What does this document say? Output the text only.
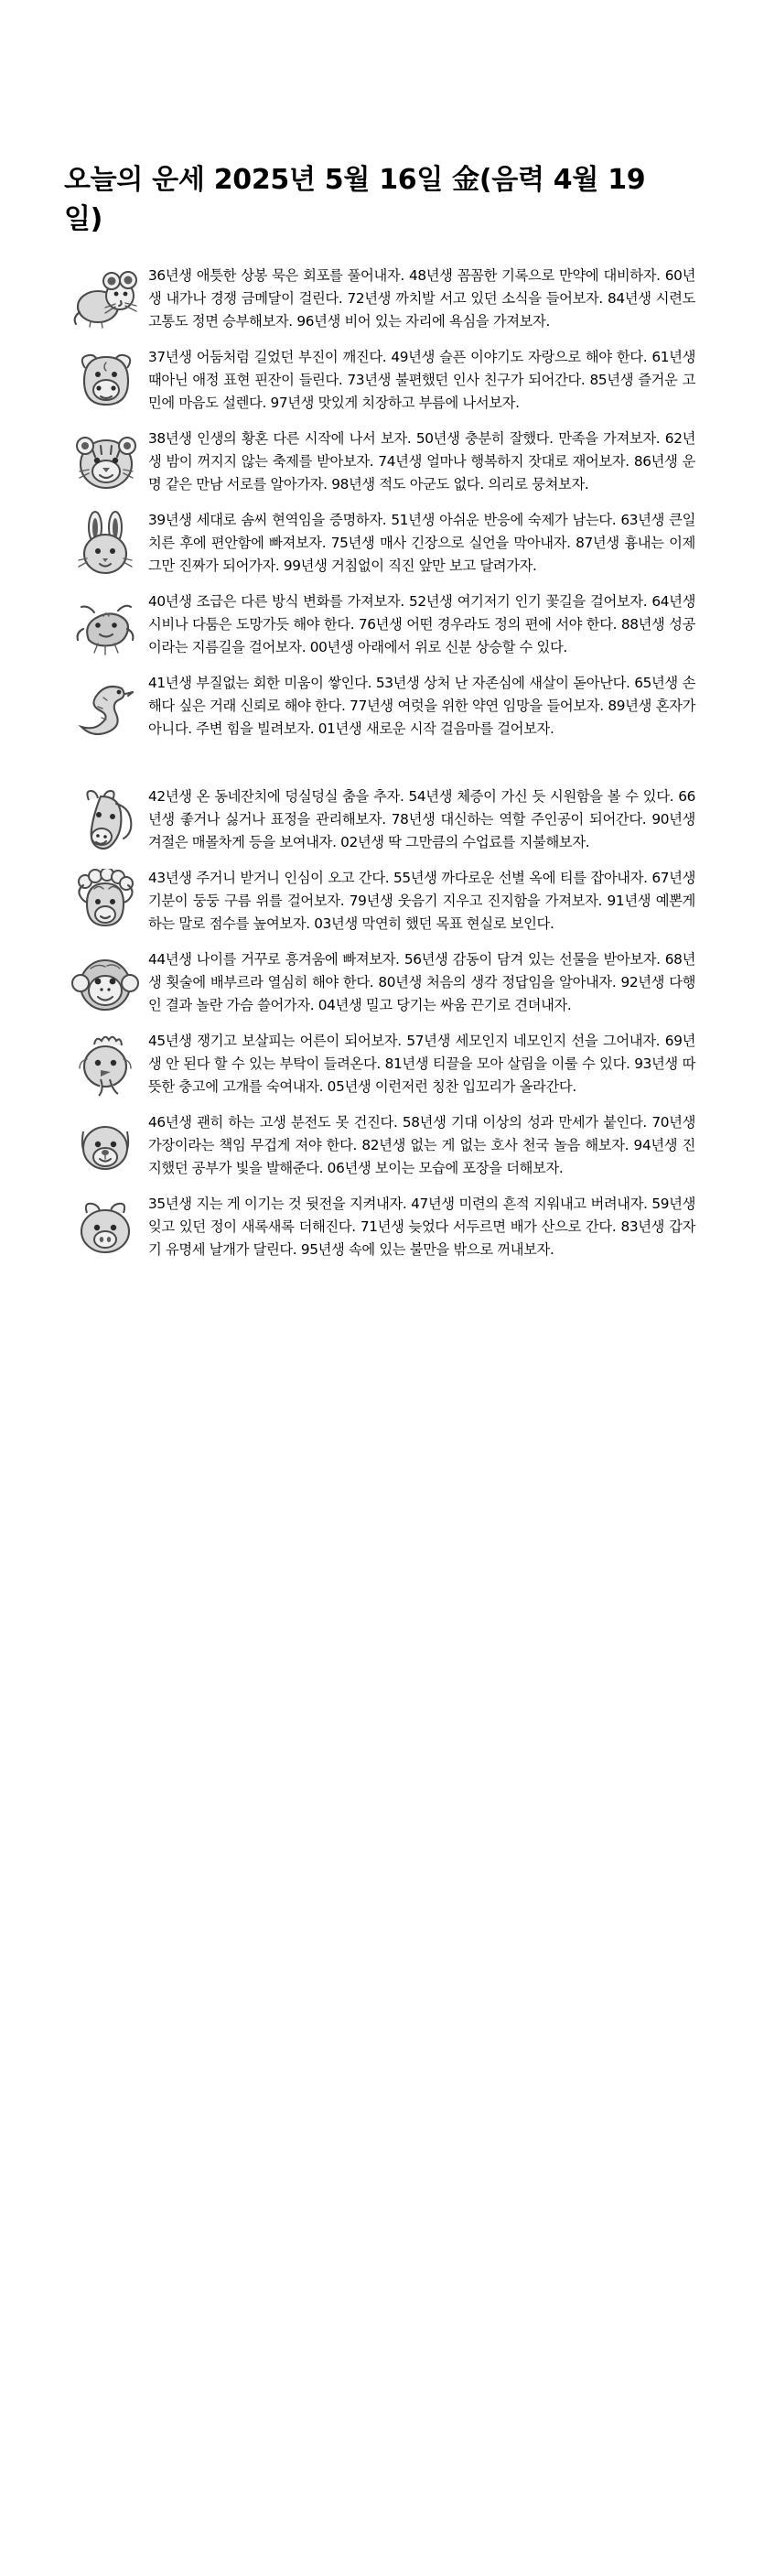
오늘의 운세 2025년 5월 16일 金(음력 4월 19일)
36년생 애틋한 상봉 묵은 회포를 풀어내자. 48년생 꼼꼼한 기록으로 만약에 대비하자. 60년생 내가나 경쟁 금메달이 걸린다. 72년생 까치발 서고 있던 소식을 들어보자. 84년생 시련도 고통도 정면 승부해보자. 96년생 비어 있는 자리에 욕심을 가져보자.
37년생 어둠처럼 길었던 부진이 깨진다. 49년생 슬픈 이야기도 자랑으로 해야 한다. 61년생 때아닌 애정 표현 핀잔이 들린다. 73년생 불편했던 인사 친구가 되어간다. 85년생 즐거운 고민에 마음도 설렌다. 97년생 맛있게 치장하고 부름에 나서보자.
38년생 인생의 황혼 다른 시작에 나서 보자. 50년생 충분히 잘했다. 만족을 가져보자. 62년생 밤이 꺼지지 않는 축제를 받아보자. 74년생 얼마나 행복하지 잣대로 재어보자. 86년생 운명 같은 만남 서로를 알아가자. 98년생 적도 아군도 없다. 의리로 뭉쳐보자.
39년생 세대로 솜씨 현역임을 증명하자. 51년생 아쉬운 반응에 숙제가 남는다. 63년생 큰일 치른 후에 편안함에 빠져보자. 75년생 매사 긴장으로 실언을 막아내자. 87년생 흉내는 이제 그만 진짜가 되어가자. 99년생 거침없이 직진 앞만 보고 달려가자.
40년생 조급은 다른 방식 변화를 가져보자. 52년생 여기저기 인기 꽃길을 걸어보자. 64년생 시비나 다툼은 도망가듯 해야 한다. 76년생 어떤 경우라도 정의 편에 서야 한다. 88년생 성공이라는 지름길을 걸어보자. 00년생 아래에서 위로 신분 상승할 수 있다.
41년생 부질없는 회한 미움이 쌓인다. 53년생 상처 난 자존심에 새살이 돋아난다. 65년생 손해다 싶은 거래 신뢰로 해야 한다. 77년생 여럿을 위한 약연 임망을 들어보자. 89년생 혼자가 아니다. 주변 힘을 빌려보자. 01년생 새로운 시작 걸음마를 걸어보자.
42년생 온 동네잔치에 덩실덩실 춤을 추자. 54년생 체증이 가신 듯 시원함을 볼 수 있다. 66년생 좋거나 싫거나 표정을 관리해보자. 78년생 대신하는 역할 주인공이 되어간다. 90년생 겨절은 매몰차게 등을 보여내자. 02년생 딱 그만큼의 수업료를 지불해보자.
43년생 주거니 받거니 인심이 오고 간다. 55년생 까다로운 선별 옥에 티를 잡아내자. 67년생 기분이 둥둥 구름 위를 걸어보자. 79년생 웃음기 지우고 진지함을 가져보자. 91년생 예뽄게 하는 말로 점수를 높여보자. 03년생 막연히 했던 목표 현실로 보인다.
44년생 나이를 거꾸로 흥겨움에 빠져보자. 56년생 감동이 담겨 있는 선물을 받아보자. 68년생 횟술에 배부르라 열심히 해야 한다. 80년생 처음의 생각 정답임을 알아내자. 92년생 다행인 결과 놀란 가슴 쓸어가자. 04년생 밀고 당기는 싸움 끈기로 견뎌내자.
45년생 쟁기고 보살피는 어른이 되어보자. 57년생 세모인지 네모인지 선을 그어내자. 69년생 안 된다 할 수 있는 부탁이 들려온다. 81년생 티끌을 모아 살림을 이룰 수 있다. 93년생 따뜻한 충고에 고개를 숙여내자. 05년생 이런저런 칭찬 입꼬리가 올라간다.
46년생 괜히 하는 고생 분전도 못 건진다. 58년생 기대 이상의 성과 만세가 붙인다. 70년생 가장이라는 책임 무겁게 져야 한다. 82년생 없는 게 없는 호사 천국 놀음 해보자. 94년생 진지했던 공부가 빛을 발해준다. 06년생 보이는 모습에 포장을 더해보자.
35년생 지는 게 이기는 것 뒷전을 지켜내자. 47년생 미련의 흔적 지워내고 버려내자. 59년생 잊고 있던 정이 새록새록 더해진다. 71년생 늦었다 서두르면 배가 산으로 간다. 83년생 갑자기 유명세 날개가 달린다. 95년생 속에 있는 불만을 밖으로 꺼내보자.
